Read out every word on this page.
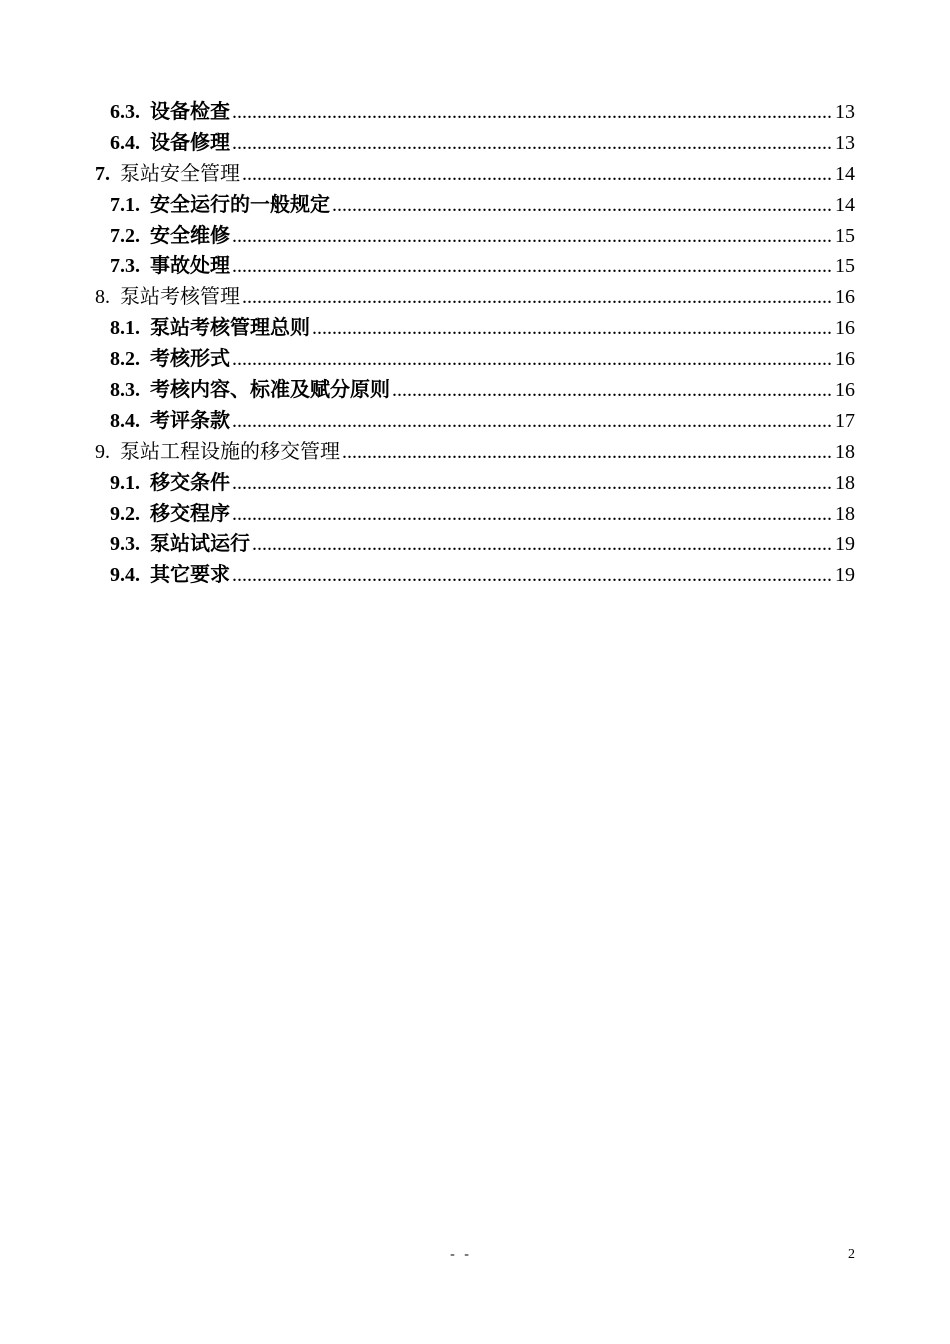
6.3. 设备检查 .....	13
6.4. 设备修理 .....	13
7. 泵站安全管理 .....	14
7.1. 安全运行的一般规定 .....	14
7.2. 安全维修 .....	15
7.3. 事故处理 .....	15
8. 泵站考核管理 .....	16
8.1. 泵站考核管理总则 .....	16
8.2. 考核形式 .....	16
8.3. 考核内容、标准及赋分原则 .....	16
8.4. 考评条款 .....	17
9. 泵站工程设施的移交管理 .....	18
9.1. 移交条件 .....	18
9.2. 移交程序 .....	18
9.3. 泵站试运行 .....	19
9.4. 其它要求 .....	19
- -	2
